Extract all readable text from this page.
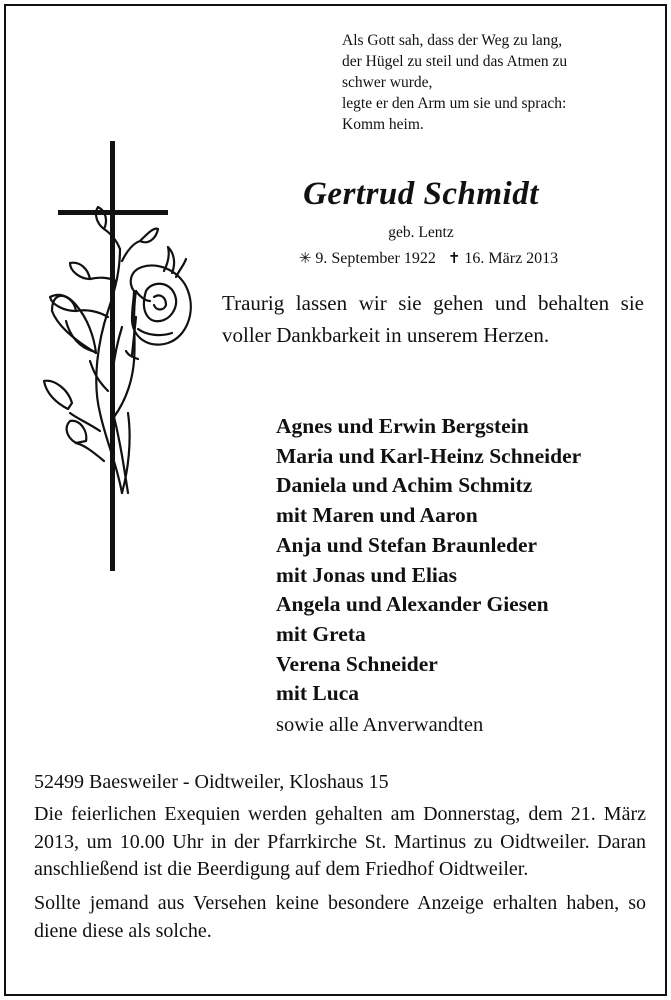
Als Gott sah, dass der Weg zu lang,
der Hügel zu steil und das Atmen zu
schwer wurde,
legte er den Arm um sie und sprach:
Komm heim.
Gertrud Schmidt
geb. Lentz
✳ 9. September 1922 ✝ 16. März 2013
Traurig lassen wir sie gehen und behalten sie voller Dankbarkeit in unserem Herzen.
Agnes und Erwin Bergstein
Maria und Karl-Heinz Schneider
Daniela und Achim Schmitz
mit Maren und Aaron
Anja und Stefan Braunleder
mit Jonas und Elias
Angela und Alexander Giesen
mit Greta
Verena Schneider
mit Luca
sowie alle Anverwandten
52499 Baesweiler - Oidtweiler, Kloshaus 15

Die feierlichen Exequien werden gehalten am Donnerstag, dem 21. März 2013, um 10.00 Uhr in der Pfarrkirche St. Martinus zu Oidtweiler. Daran anschließend ist die Beerdigung auf dem Friedhof Oidtweiler.

Sollte jemand aus Versehen keine besondere Anzeige erhalten haben, so diene diese als solche.
